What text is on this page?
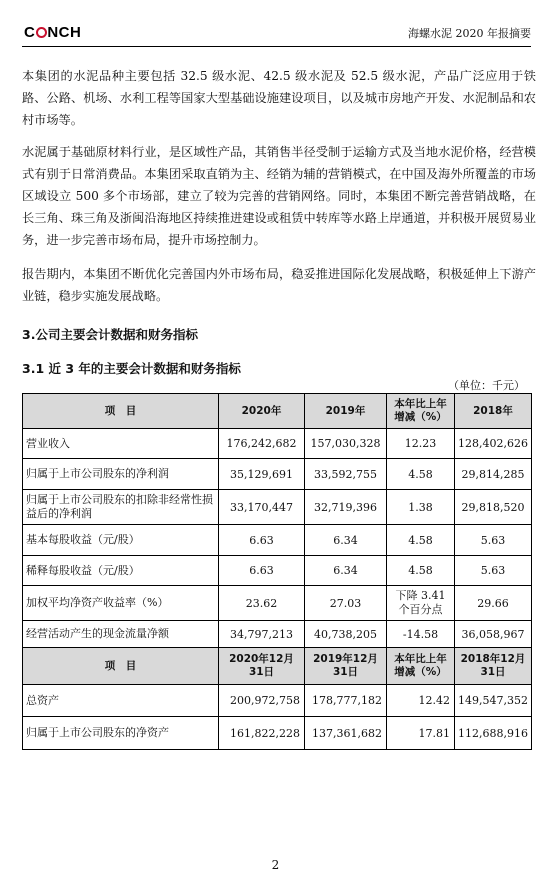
C NCH	海螺水泥 2020 年报摘要

本集团的水泥品种主要包括 32.5 级水泥、42.5 级水泥及 52.5 级水泥，产品广泛应用于铁路、公路、机场、水利工程等国家大型基础设施建设项目，以及城市房地产开发、水泥制品和农村市场等。

水泥属于基础原材料行业，是区域性产品，其销售半径受制于运输方式及当地水泥价格，经营模式有别于日常消费品。本集团采取直销为主、经销为辅的营销模式，在中国及海外所覆盖的市场区域设立 500 多个市场部，建立了较为完善的营销网络。同时，本集团不断完善营销战略，在长三角、珠三角及浙闽沿海地区持续推进建设或租赁中转库等水路上岸通道，并积极开展贸易业务，进一步完善市场布局，提升市场控制力。

报告期内，本集团不断优化完善国内外市场布局，稳妥推进国际化发展战略，积极延伸上下游产业链，稳步实施发展战略。

3.公司主要会计数据和财务指标
3.1 近 3 年的主要会计数据和财务指标
（单位：千元）
项　目	2020年	2019年	本年比上年增减（%）	2018年
营业收入	176,242,682	157,030,328	12.23	128,402,626
归属于上市公司股东的净利润	35,129,691	33,592,755	4.58	29,814,285
归属于上市公司股东的扣除非经常性损益后的净利润	33,170,447	32,719,396	1.38	29,818,520
基本每股收益（元/股）	6.63	6.34	4.58	5.63
稀释每股收益（元/股）	6.63	6.34	4.58	5.63
加权平均净资产收益率（%）	23.62	27.03	下降 3.41 个百分点	29.66
经营活动产生的现金流量净额	34,797,213	40,738,205	-14.58	36,058,967
项　目	2020年12月31日	2019年12月31日	本年比上年增减（%）	2018年12月31日
总资产	200,972,758	178,777,182	12.42	149,547,352
归属于上市公司股东的净资产	161,822,228	137,361,682	17.81	112,688,916
2
